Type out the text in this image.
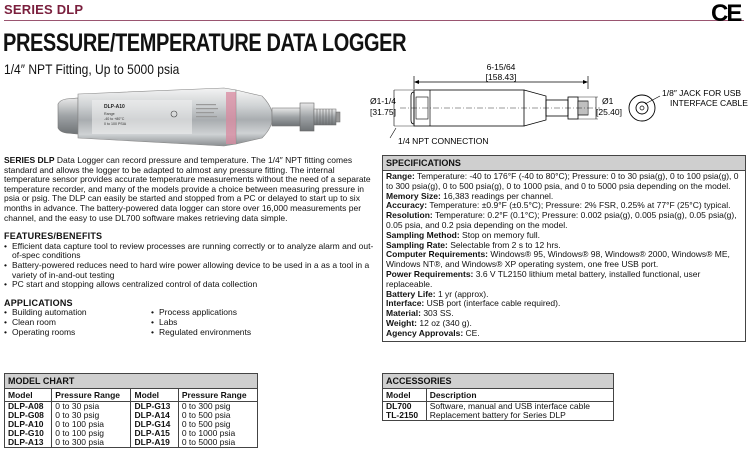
SERIES DLP	CE
PRESSURE/TEMPERATURE DATA LOGGER
1/4″ NPT Fitting, Up to 5000 psia
DLP-A10
Range
-40 to +80°C
0 to 100 PSIA
6-15/64
[158.43]
Ø1-1/4
[31.75]
Ø1
[25.40]
1/4 NPT CONNECTION
1/8″ JACK FOR USB
INTERFACE CABLE

SERIES DLP Data Logger can record pressure and temperature. The 1/4″ NPT fitting comes standard and allows the logger to be adapted to almost any pressure fitting. The internal temperature sensor provides accurate temperature measurements without the need of a separate temperature recorder, and many of the models provide a choice between measuring pressure in psia or psig. The DLP can easily be started and stopped from a PC or delayed to start up to six months in advance. The battery-powered data logger can store over 16,000 measurements per channel, and the easy to use DL700 software makes retrieving data simple.

FEATURES/BENEFITS
• Efficient data capture tool to review processes are running correctly or to analyze alarm and out-of-spec conditions
• Battery-powered reduces need to hard wire power allowing device to be used in a as a tool in a variety of in-and-out testing
• PC start and stopping allows centralized control of data collection
APPLICATIONS
• Building automation	• Process applications
• Clean room	• Labs
• Operating rooms	• Regulated environments
SPECIFICATIONS
Range: Temperature: -40 to 176°F (-40 to 80°C); Pressure: 0 to 30 psia(g), 0 to 100 psia(g), 0 to 300 psia(g), 0 to 500 psia(g), 0 to 1000 psia, and 0 to 5000 psia depending on the model.
Memory Size: 16,383 readings per channel.
Accuracy: Temperature: ±0.9°F (±0.5°C); Pressure: 2% FSR, 0.25% at 77°F (25°C) typical.
Resolution: Temperature: 0.2°F (0.1°C); Pressure: 0.002 psia(g), 0.005 psia(g), 0.05 psia(g), 0.05 psia, and 0.2 psia depending on the model.
Sampling Method: Stop on memory full.
Sampling Rate: Selectable from 2 s to 12 hrs.
Computer Requirements: Windows® 95, Windows® 98, Windows® 2000, Windows® ME, Windows NT®, and Windows® XP operating system, one free USB port.
Power Requirements: 3.6 V TL2150 lithium metal battery, installed functional, user replaceable.
Battery Life: 1 yr (approx).
Interface: USB port (interface cable required).
Material: 303 SS.
Weight: 12 oz (340 g).
Agency Approvals: CE.
MODEL CHART
Model	Pressure Range	Model	Pressure Range
DLP-A08	0 to 30 psia	DLP-G13	0 to 300 psig
DLP-G08	0 to 30 psig	DLP-A14	0 to 500 psia
DLP-A10	0 to 100 psia	DLP-G14	0 to 500 psig
DLP-G10	0 to 100 psig	DLP-A15	0 to 1000 psia
DLP-A13	0 to 300 psia	DLP-A19	0 to 5000 psia
ACCESSORIES
Model	Description
DL700	Software, manual and USB interface cable
TL-2150	Replacement battery for Series DLP
